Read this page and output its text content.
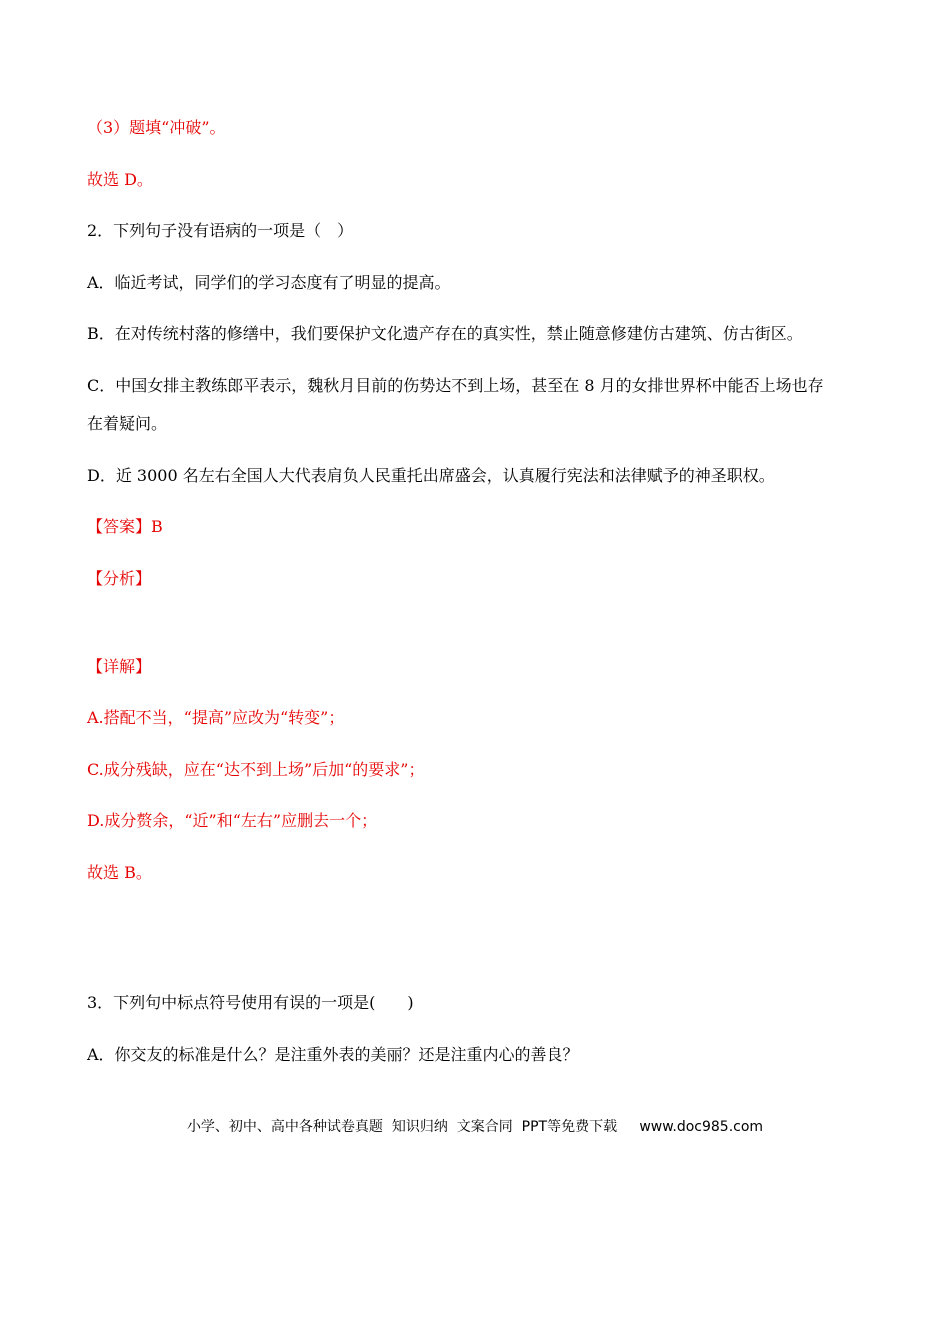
（3）题填“冲破”。
故选 D。
2．下列句子没有语病的一项是（　）
A．临近考试，同学们的学习态度有了明显的提高。
B．在对传统村落的修缮中，我们要保护文化遗产存在的真实性，禁止随意修建仿古建筑、仿古街区。
C．中国女排主教练郎平表示，魏秋月目前的伤势达不到上场，甚至在 8 月的女排世界杯中能否上场也存
在着疑问。
D．近 3000 名左右全国人大代表肩负人民重托出席盛会，认真履行宪法和法律赋予的神圣职权。
【答案】B
【分析】
【详解】
A.搭配不当，“提高”应改为“转变”；
C.成分残缺，应在“达不到上场”后加“的要求”；
D.成分赘余，“近”和“左右”应删去一个；
故选 B。
3．下列句中标点符号使用有误的一项是(　　)
A．你交友的标准是什么？是注重外表的美丽？还是注重内心的善良？
小学、初中、高中各种试卷真题  知识归纳  文案合同  PPT等免费下载     www.doc985.com
